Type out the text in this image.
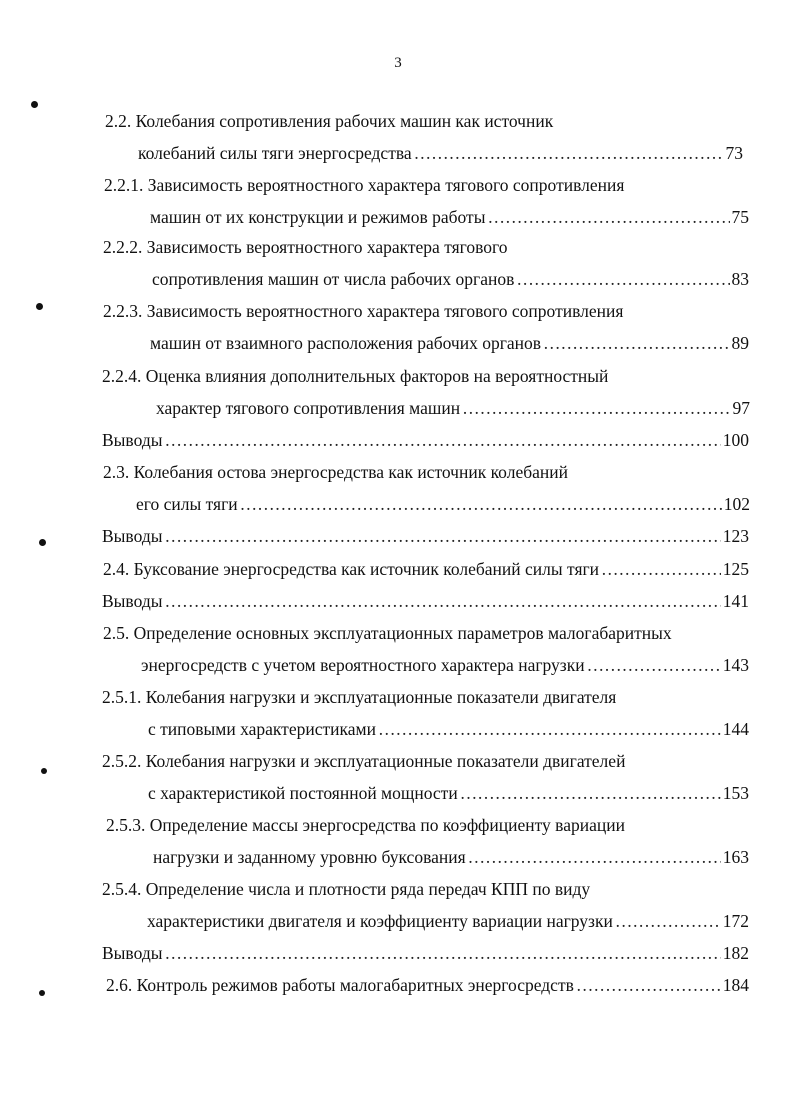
3
2.2. Колебания сопротивления рабочих машин как источник
колебаний силы тяги энергосредства ………………………………………………………………………………………………………………………………………………………………………	73
2.2.1. Зависимость вероятностного характера тягового сопротивления
машин от их конструкции и режимов работы ………………………………………………………………………………………………………………………………………………………………………	75
2.2.2. Зависимость вероятностного характера тягового
сопротивления машин от числа рабочих органов ………………………………………………………………………………………………………………………………………………………………………	83
2.2.3. Зависимость вероятностного характера тягового сопротивления
машин от взаимного расположения рабочих органов ………………………………………………………………………………………………………………………………………………………………………	89
2.2.4. Оценка влияния дополнительных факторов на вероятностный
характер тягового сопротивления машин ………………………………………………………………………………………………………………………………………………………………………	97
Выводы ………………………………………………………………………………………………………………………………………………………………………	100
2.3. Колебания остова энергосредства как источник колебаний
его силы тяги ………………………………………………………………………………………………………………………………………………………………………	102
Выводы ………………………………………………………………………………………………………………………………………………………………………	123
2.4. Буксование энергосредства как источник колебаний силы тяги ………………………………………………………………………………………………………………………………………………………………………	125
Выводы ………………………………………………………………………………………………………………………………………………………………………	141
2.5. Определение основных эксплуатационных параметров малогабаритных
энергосредств с учетом вероятностного характера нагрузки ………………………………………………………………………………………………………………………………………………………………………	143
2.5.1. Колебания нагрузки и эксплуатационные показатели двигателя
с типовыми характеристиками ………………………………………………………………………………………………………………………………………………………………………	144
2.5.2. Колебания нагрузки и эксплуатационные показатели двигателей
с характеристикой постоянной мощности ………………………………………………………………………………………………………………………………………………………………………	153
2.5.3. Определение массы энергосредства по коэффициенту вариации
нагрузки и заданному уровню буксования ………………………………………………………………………………………………………………………………………………………………………	163
2.5.4. Определение числа и плотности ряда передач КПП по виду
характеристики двигателя и коэффициенту вариации нагрузки ………………………………………………………………………………………………………………………………………………………………………	172
Выводы ………………………………………………………………………………………………………………………………………………………………………	182
2.6. Контроль режимов работы малогабаритных энергосредств ………………………………………………………………………………………………………………………………………………………………………	184
